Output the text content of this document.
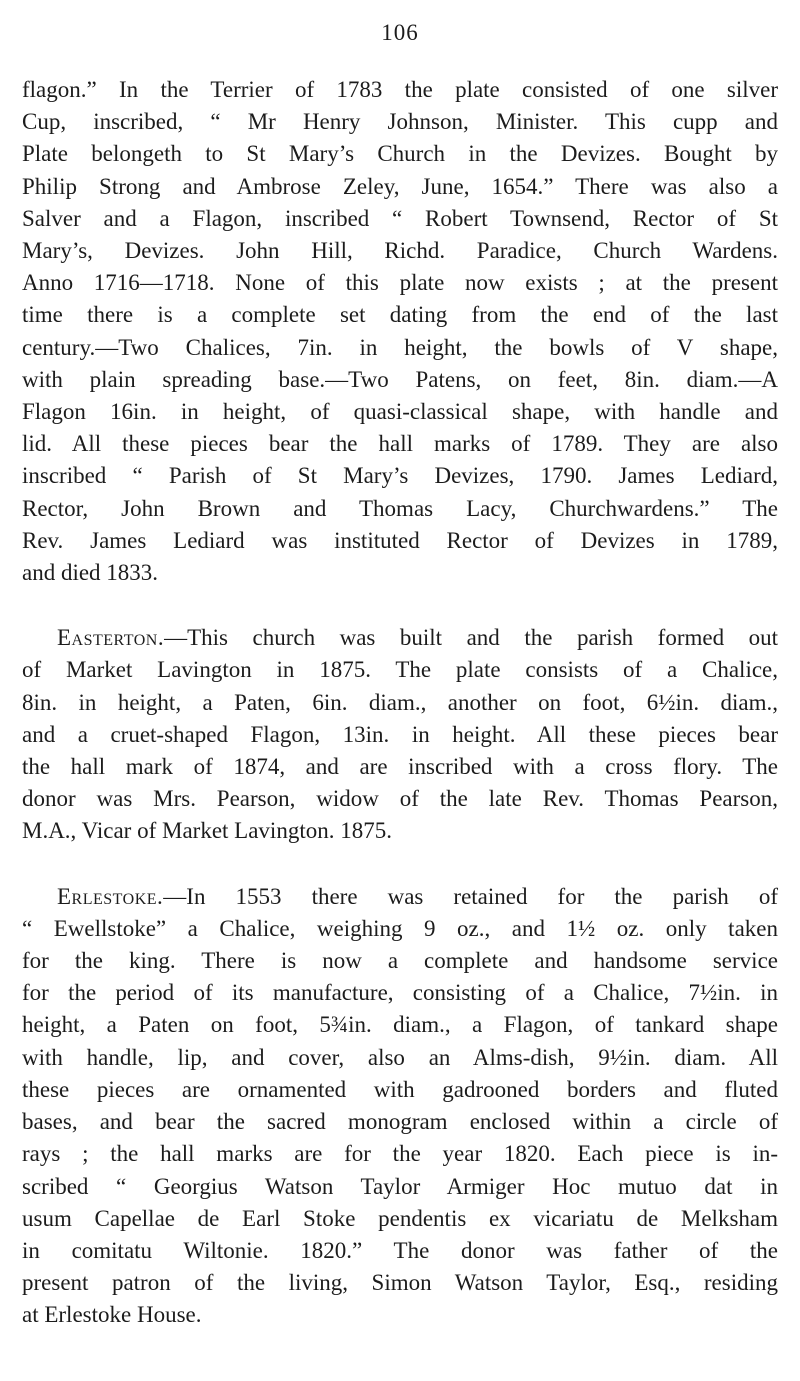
106
flagon.” In the Terrier of 1783 the plate consisted of one silver
Cup, inscribed, “ Mr Henry Johnson, Minister. This cupp and
Plate belongeth to St Mary’s Church in the Devizes. Bought by
Philip Strong and Ambrose Zeley, June, 1654.” There was also a
Salver and a Flagon, inscribed “ Robert Townsend, Rector of St
Mary’s, Devizes. John Hill, Richd. Paradice, Church Wardens.
Anno 1716—1718. None of this plate now exists ; at the present
time there is a complete set dating from the end of the last
century.—Two Chalices, 7in. in height, the bowls of V shape,
with plain spreading base.—Two Patens, on feet, 8in. diam.—A
Flagon 16in. in height, of quasi-classical shape, with handle and
lid. All these pieces bear the hall marks of 1789. They are also
inscribed “ Parish of St Mary’s Devizes, 1790. James Lediard,
Rector, John Brown and Thomas Lacy, Churchwardens.” The
Rev. James Lediard was instituted Rector of Devizes in 1789,
and died 1833.
Easterton.—This church was built and the parish formed out
of Market Lavington in 1875. The plate consists of a Chalice,
8in. in height, a Paten, 6in. diam., another on foot, 6½in. diam.,
and a cruet-shaped Flagon, 13in. in height. All these pieces bear
the hall mark of 1874, and are inscribed with a cross flory. The
donor was Mrs. Pearson, widow of the late Rev. Thomas Pearson,
M.A., Vicar of Market Lavington. 1875.
Erlestoke.—In 1553 there was retained for the parish of
“ Ewellstoke” a Chalice, weighing 9 oz., and 1½ oz. only taken
for the king. There is now a complete and handsome service
for the period of its manufacture, consisting of a Chalice, 7½in. in
height, a Paten on foot, 5¾in. diam., a Flagon, of tankard shape
with handle, lip, and cover, also an Alms-dish, 9½in. diam. All
these pieces are ornamented with gadrooned borders and fluted
bases, and bear the sacred monogram enclosed within a circle of
rays ; the hall marks are for the year 1820. Each piece is in-
scribed “ Georgius Watson Taylor Armiger Hoc mutuo dat in
usum Capellae de Earl Stoke pendentis ex vicariatu de Melksham
in comitatu Wiltonie. 1820.” The donor was father of the
present patron of the living, Simon Watson Taylor, Esq., residing
at Erlestoke House.
